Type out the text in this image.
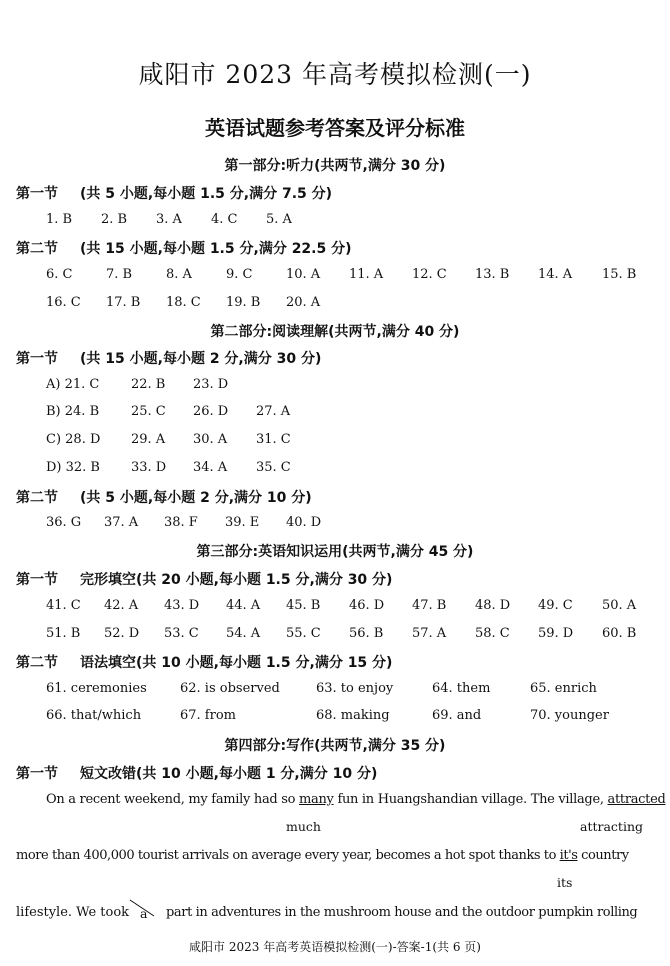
咸阳市 2023 年高考模拟检测(一)
英语试题参考答案及评分标准
第一部分:听力(共两节,满分 30 分)
第一节 (共 5 小题,每小题 1.5 分,满分 7.5 分)
1. B 2. B 3. A 4. C 5. A
第二节 (共 15 小题,每小题 1.5 分,满分 22.5 分)
6. C	7. B	8. A	9. C	10. A 11. A 12. C 13. B 14. A 15. B
16. C 17. B 18. C 19. B 20. A
第二部分:阅读理解(共两节,满分 40 分)
第一节 (共 15 小题,每小题 2 分,满分 30 分)
A) 21. C 22. B 23. D
B) 24. B 25. C 26. D 27. A
C) 28. D 29. A 30. A 31. C
D) 32. B 33. D 34. A 35. C
第二节 (共 5 小题,每小题 2 分,满分 10 分)
36. G 37. A 38. F 39. E 40. D
第三部分:英语知识运用(共两节,满分 45 分)
第一节 完形填空(共 20 小题,每小题 1.5 分,满分 30 分)
41. C 42. A 43. D 44. A 45. B 46. D 47. B 48. D 49. C 50. A
51. B 52. D 53. C 54. A 55. C 56. B 57. A 58. C 59. D 60. B
第二节 语法填空(共 10 小题,每小题 1.5 分,满分 15 分)
61. ceremonies	62. is observed	63. to enjoy	64. them	65. enrich
66. that/which	67. from	68. making	69. and	70. younger
第四部分:写作(共两节,满分 35 分)
第一节 短文改错(共 10 小题,每小题 1 分,满分 10 分)
On a recent weekend, my family had so many fun in Huangshandian village. The village, attracted
much	attracting
more than 400,000 tourist arrivals on average every year, becomes a hot spot thanks to it's country
its
lifestyle. We took a part in adventures in the mushroom house and the outdoor pumpkin rolling
咸阳市 2023 年高考英语模拟检测(一)-答案-1(共 6 页)
